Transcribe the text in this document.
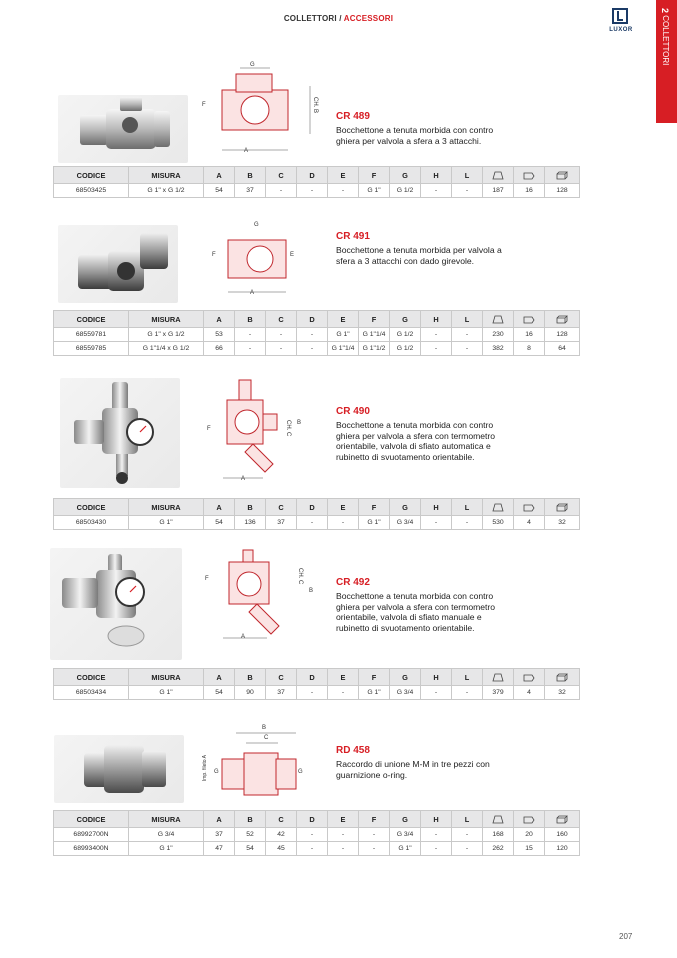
COLLETTORI / ACCESSORI
LUXOR
2 COLLETTORI
G
F	CH. B
A
CR 489
Bocchettone a tenuta morbida con contro ghiera per valvola a sfera a 3 attacchi.
CODICE	MISURA	A	B	C	D	E	F	G	H	L			
68503425	G 1" x G 1/2	54	37	-	-	-	G 1"	G 1/2	-	-	187	16	128
G
F	E
A
CR 491
Bocchettone a tenuta morbida per valvola a sfera a 3 attacchi con dado girevole.
CODICE	MISURA	A	B	C	D	E	F	G	H	L			
68559781	G 1" x G 1/2	53	-	-	-	G 1"	G 1"1/4	G 1/2	-	-	230	16	128
68559785	G 1"1/4 x G 1/2	66	-	-	-	G 1"1/4	G 1"1/2	G 1/2	-	-	382	8	64
F	CH. C B
A
CR 490
Bocchettone a tenuta morbida con contro ghiera per valvola a sfera con termometro orientabile, valvola di sfiato automatica e rubinetto di svuotamento orientabile.
CODICE	MISURA	A	B	C	D	E	F	G	H	L			
68503430	G 1"	54	136	37	-	-	G 1"	G 3/4	-	-	530	4	32
F	CH. C
B
A
CR 492
Bocchettone a tenuta morbida con contro ghiera per valvola a sfera con termometro orientabile, valvola di sfiato manuale e rubinetto di svuotamento orientabile.
CODICE	MISURA	A	B	C	D	E	F	G	H	L			
68503434	G 1"	54	90	37	-	-	G 1"	G 3/4	-	-	379	4	32
B
C
Imp. fileto A G	G
RD 458
Raccordo di unione M-M in tre pezzi con guarnizione o-ring.
CODICE	MISURA	A	B	C	D	E	F	G	H	L			
68992700N	G 3/4	37	52	42	-	-	-	G 3/4	-	-	168	20	160
68993400N	G 1"	47	54	45	-	-	-	G 1"	-	-	262	15	120
207
